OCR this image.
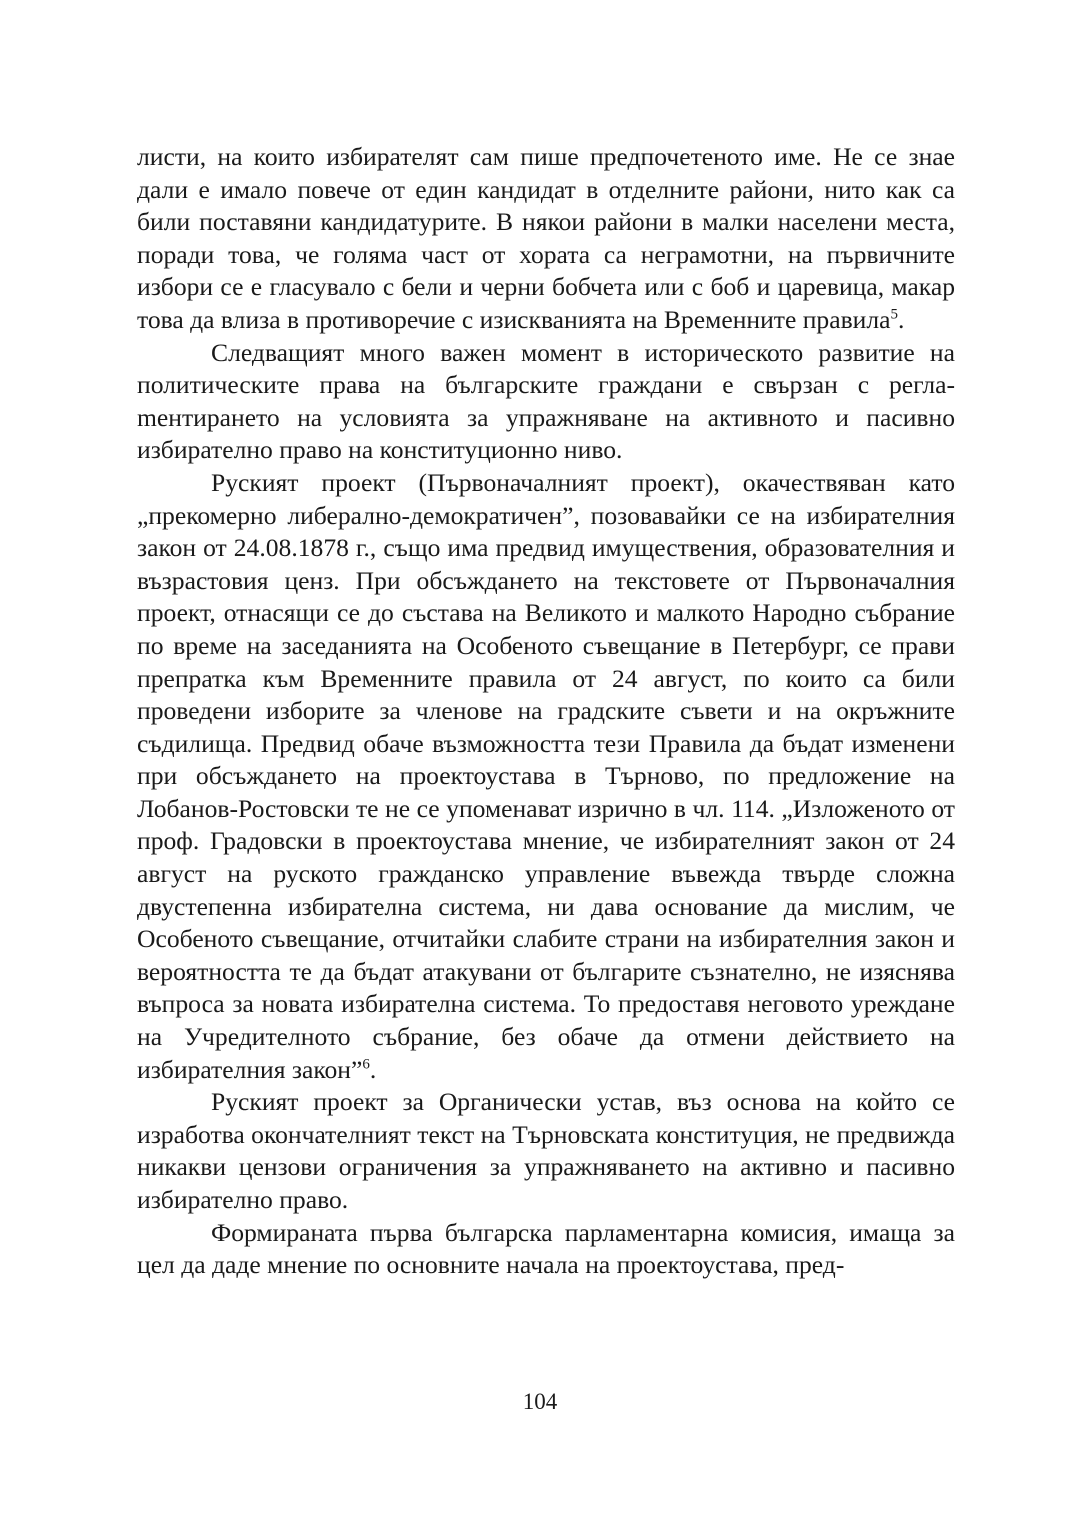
листи, на които избирателят сам пише предпочетеното име. Не се знае дали е имало повече от един кандидат в отделните райони, нито как са били поставяни кандидатурите. В някои райони в малки населени места, поради това, че голяма част от хората са неграмотни, на първичните избори се е гласувало с бели и черни бобчета или с боб и царевица, макар това да влиза в противоречие с изискванията на Временните правила$^5$.

Следващият много важен момент в историческото развитие на политическите права на българските граждани е свързан с реглаmентирането на условията за упражняване на активното и пасивно избирателно право на конституционно ниво.

Руският проект (Първоначалният проект), окачествяван като „прекомерно либерално-демократичен”, позовавайки се на избиратeлния закон от 24.08.1878 г., също има предвид имуществения, образователния и възрастовия ценз. При обсъждането на текстовете от Първоначалния проект, отнасящи се до състава на Великото и малкото Народно събрание по време на заседанията на Особеното съвещание в Петербург, се прави препратка към Временните правила от 24 август, по които са били проведени изборите за членове на градските съвети и на окръжните съдилища. Предвид обаче възможността тези Правила да бъдат изменени при обсъждането на проектоустава в Търново, по предложение на Лобанов-Ростовски те не се упоменават изрично в чл. 114. „Изложеното от проф. Градовски в проектоустава мнение, че избирателният закон от 24 август на руското гражданско управление въвежда твърде сложна двустепенна избирателна система, ни дава основание да мислим, че Особеното съвещание, отчитайки слабите страни на избирателния закон и вероятността те да бъдат атакувани от българите съзнателно, не изяснява въпроса за новата избирателна система. То предоставя неговото уреждане на Учредителното събрание, без обаче да отмени действието на избирателния закон”$^6$.

Руският проект за Органически устав, въз основа на който се изработва окончателният текст на Търновската конституция, не предвижда никакви цензови ограничения за упражняването на активно и пасивно избирателно право.

Формираната първа българска парламентарна комисия, имаща за цел да даде мнение по основните начала на проектоустава, пред-

104
